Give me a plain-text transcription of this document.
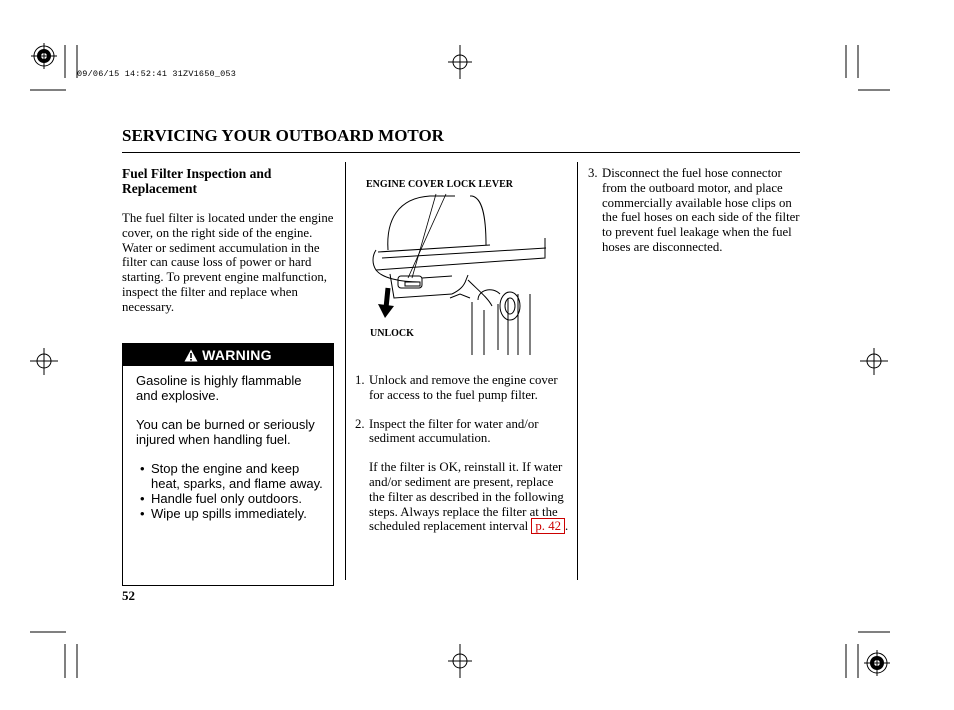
09/06/15 14:52:41 31ZV1650_053
SERVICING YOUR OUTBOARD MOTOR
Fuel Filter Inspection and Replacement

The fuel filter is located under the engine cover, on the right side of the engine.

Water or sediment accumulation in the filter can cause loss of power or hard starting. To prevent engine malfunction, inspect the filter and replace when necessary.

WARNING

Gasoline is highly flammable and explosive.

You can be burned or seriously injured when handling fuel.

• Stop the engine and keep heat, sparks, and flame away.
• Handle fuel only outdoors.
• Wipe up spills immediately.
52
ENGINE COVER LOCK LEVER
UNLOCK
1. Unlock and remove the engine cover for access to the fuel pump filter.
2. Inspect the filter for water and/or sediment accumulation.
If the filter is OK, reinstall it. If water and/or sediment are present, replace the filter as described in the following steps. Always replace the filter at the scheduled replacement interval p. 42 .
3. Disconnect the fuel hose connector from the outboard motor, and place commercially available hose clips on the fuel hoses on each side of the filter to prevent fuel leakage when the fuel hoses are disconnected.
